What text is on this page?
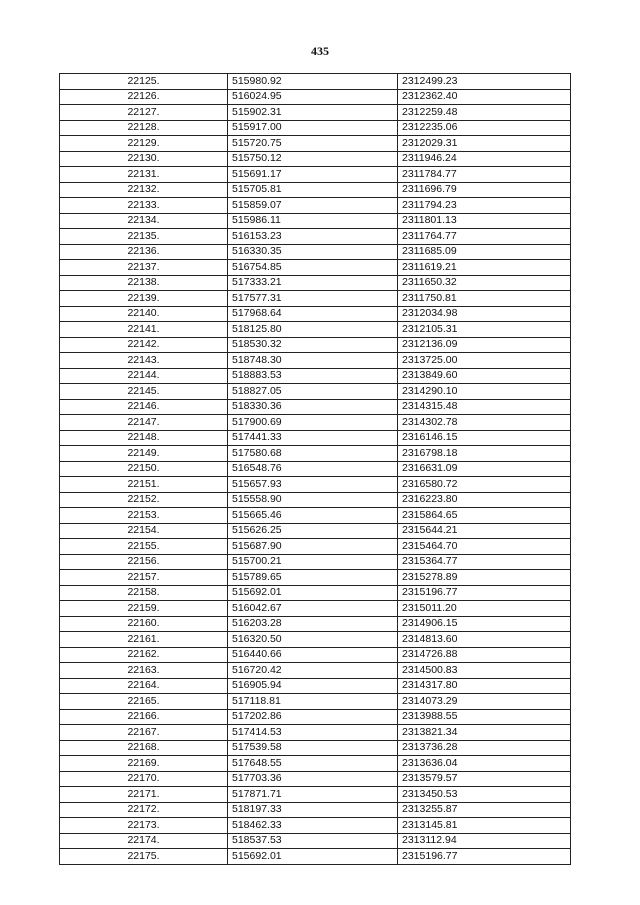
435
22125.	515980.92	2312499.23
22126.	516024.95	2312362.40
22127.	515902.31	2312259.48
22128.	515917.00	2312235.06
22129.	515720.75	2312029.31
22130.	515750.12	2311946.24
22131.	515691.17	2311784.77
22132.	515705.81	2311696.79
22133.	515859.07	2311794.23
22134.	515986.11	2311801.13
22135.	516153.23	2311764.77
22136.	516330.35	2311685.09
22137.	516754.85	2311619.21
22138.	517333.21	2311650.32
22139.	517577.31	2311750.81
22140.	517968.64	2312034.98
22141.	518125.80	2312105.31
22142.	518530.32	2312136.09
22143.	518748.30	2313725.00
22144.	518883.53	2313849.60
22145.	518827.05	2314290.10
22146.	518330.36	2314315.48
22147.	517900.69	2314302.78
22148.	517441.33	2316146.15
22149.	517580.68	2316798.18
22150.	516548.76	2316631.09
22151.	515657.93	2316580.72
22152.	515558.90	2316223.80
22153.	515665.46	2315864.65
22154.	515626.25	2315644.21
22155.	515687.90	2315464.70
22156.	515700.21	2315364.77
22157.	515789.65	2315278.89
22158.	515692.01	2315196.77
22159.	516042.67	2315011.20
22160.	516203.28	2314906.15
22161.	516320.50	2314813.60
22162.	516440.66	2314726.88
22163.	516720.42	2314500.83
22164.	516905.94	2314317.80
22165.	517118.81	2314073.29
22166.	517202.86	2313988.55
22167.	517414.53	2313821.34
22168.	517539.58	2313736.28
22169.	517648.55	2313636.04
22170.	517703.36	2313579.57
22171.	517871.71	2313450.53
22172.	518197.33	2313255.87
22173.	518462.33	2313145.81
22174.	518537.53	2313112.94
22175.	515692.01	2315196.77
